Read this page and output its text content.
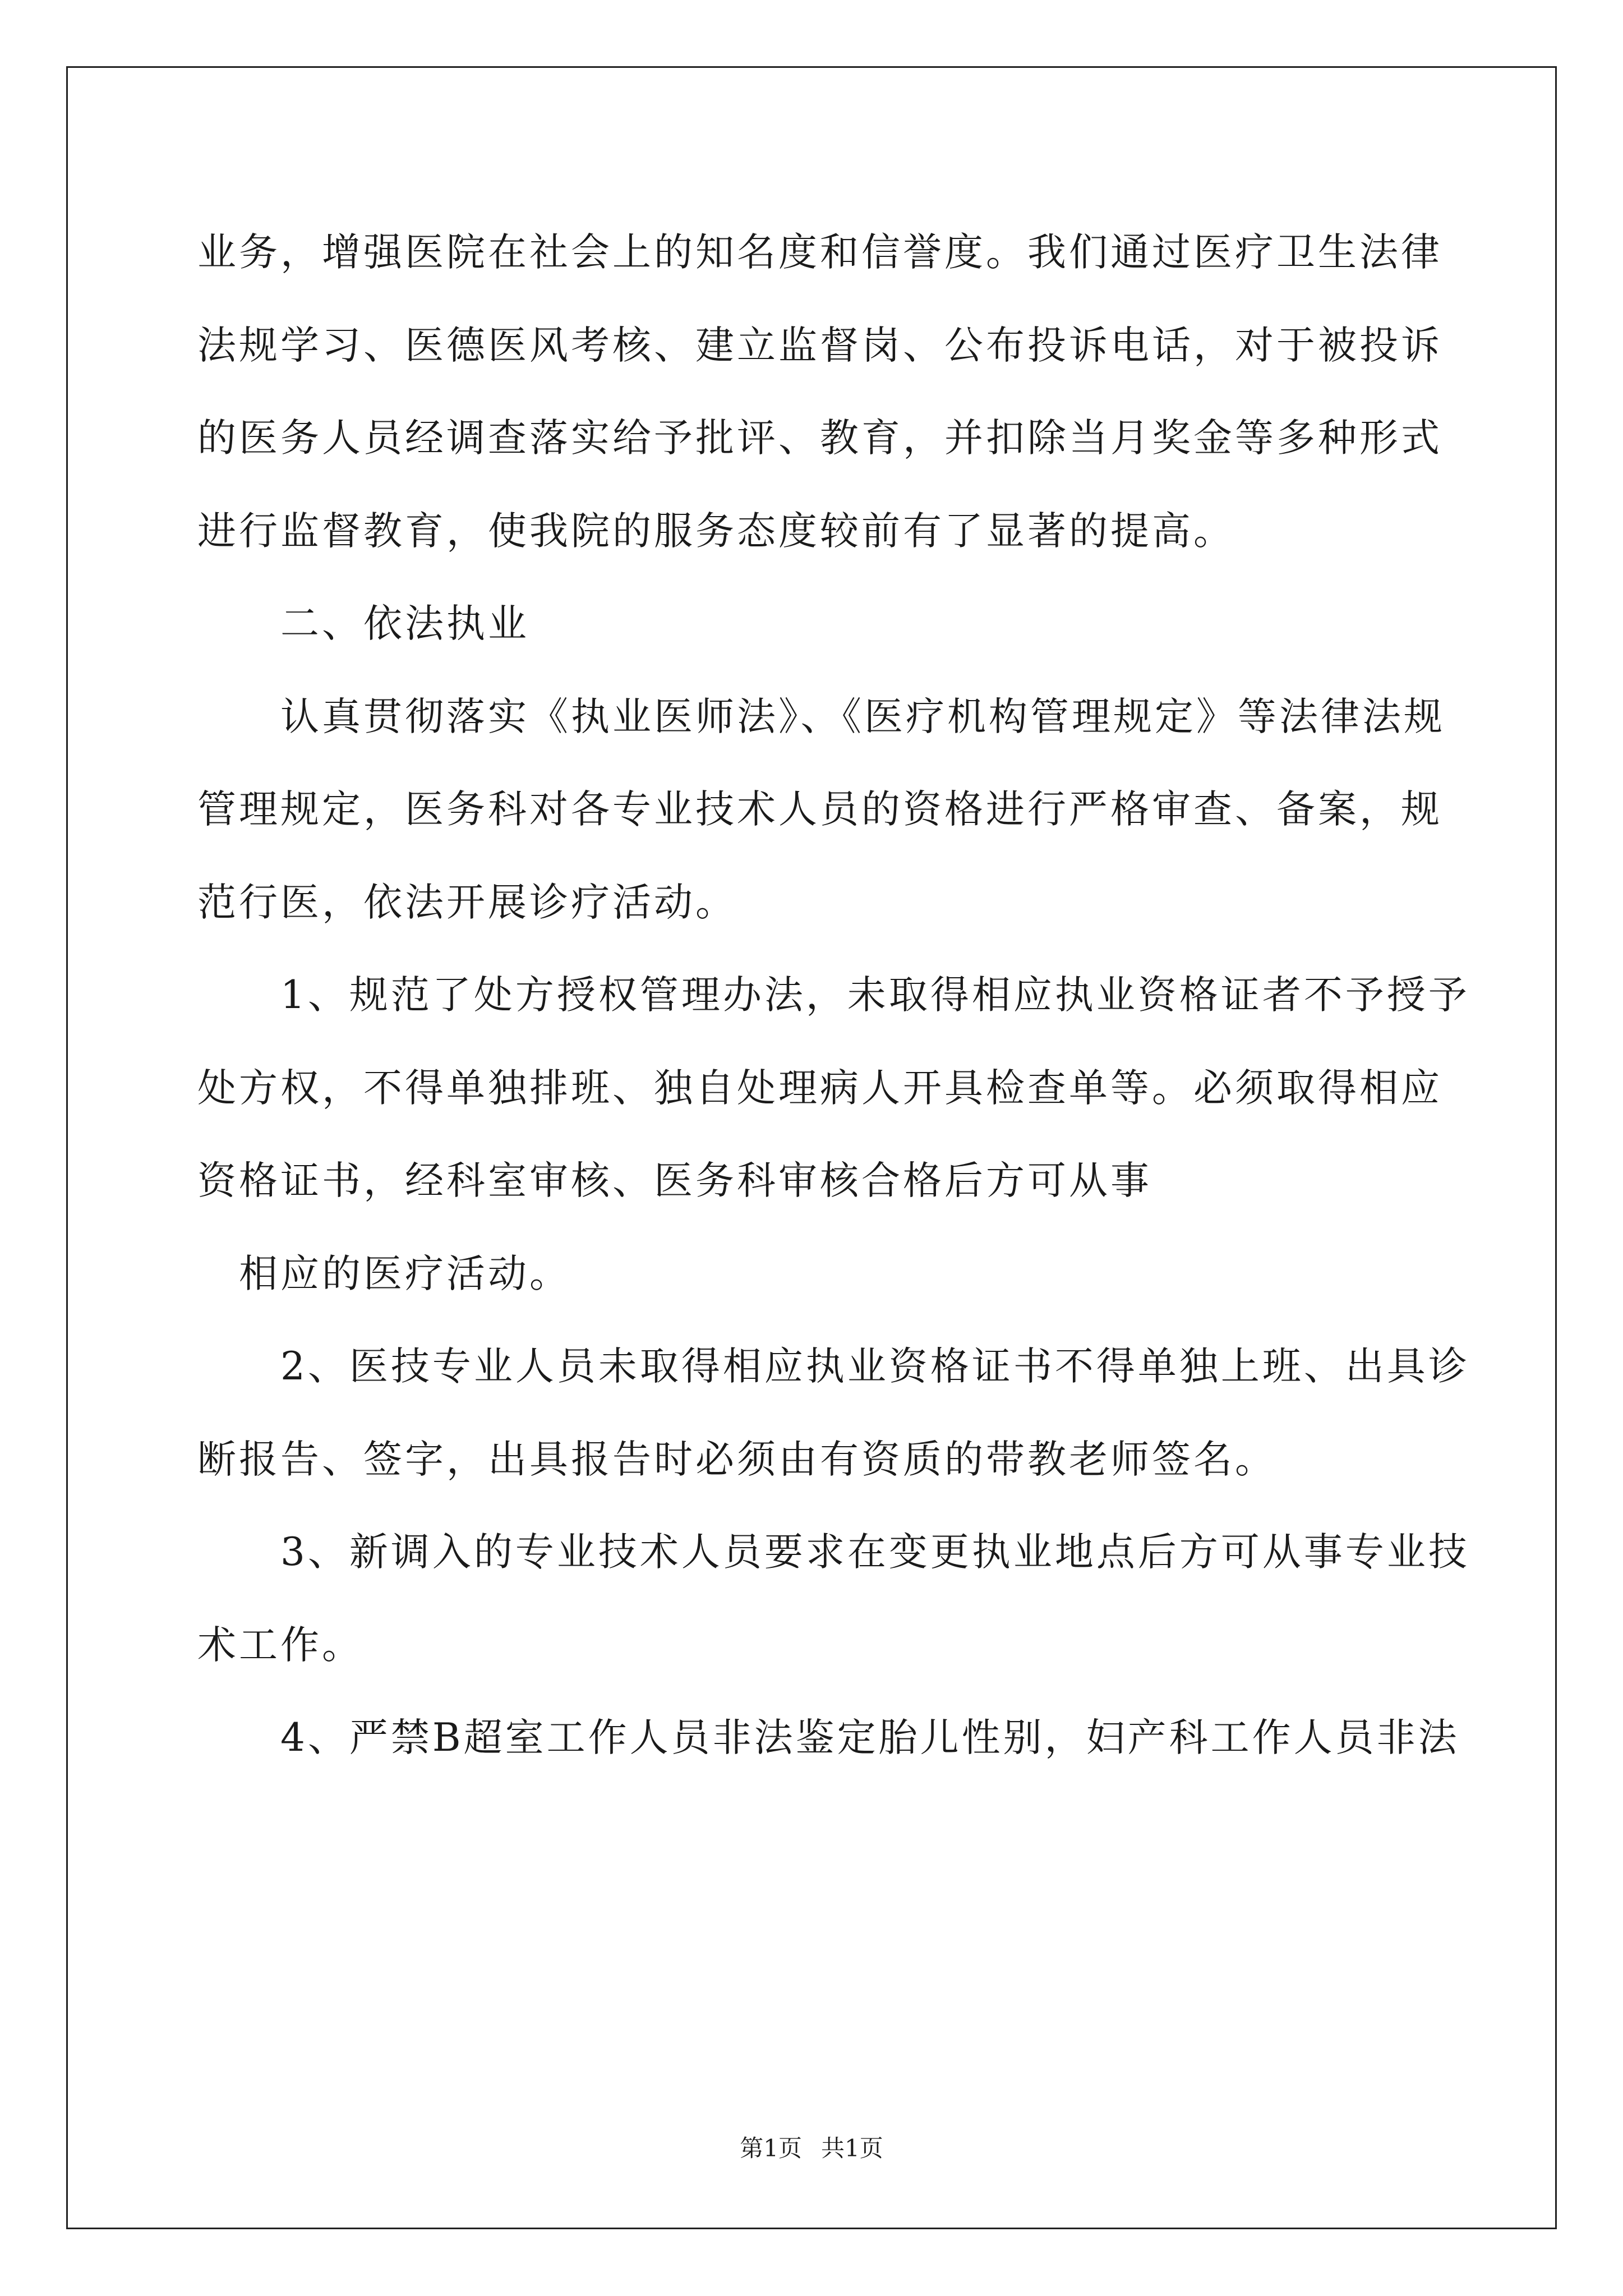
业务，增强医院在社会上的知名度和信誉度。我们通过医疗卫生法律
法规学习、医德医风考核、建立监督岗、公布投诉电话，对于被投诉
的医务人员经调查落实给予批评、教育，并扣除当月奖金等多种形式
进行监督教育，使我院的服务态度较前有了显著的提高。
二、依法执业
认真贯彻落实《执业医师法》、《医疗机构管理规定》等法律法规
管理规定，医务科对各专业技术人员的资格进行严格审查、备案，规
范行医，依法开展诊疗活动。
1、规范了处方授权管理办法，未取得相应执业资格证者不予授予
处方权，不得单独排班、独自处理病人开具检查单等。必须取得相应
资格证书，经科室审核、医务科审核合格后方可从事
相应的医疗活动。
2、医技专业人员未取得相应执业资格证书不得单独上班、出具诊
断报告、签字，出具报告时必须由有资质的带教老师签名。
3、新调入的专业技术人员要求在变更执业地点后方可从事专业技
术工作。
4、严禁B超室工作人员非法鉴定胎儿性别，妇产科工作人员非法
第1页 共1页
